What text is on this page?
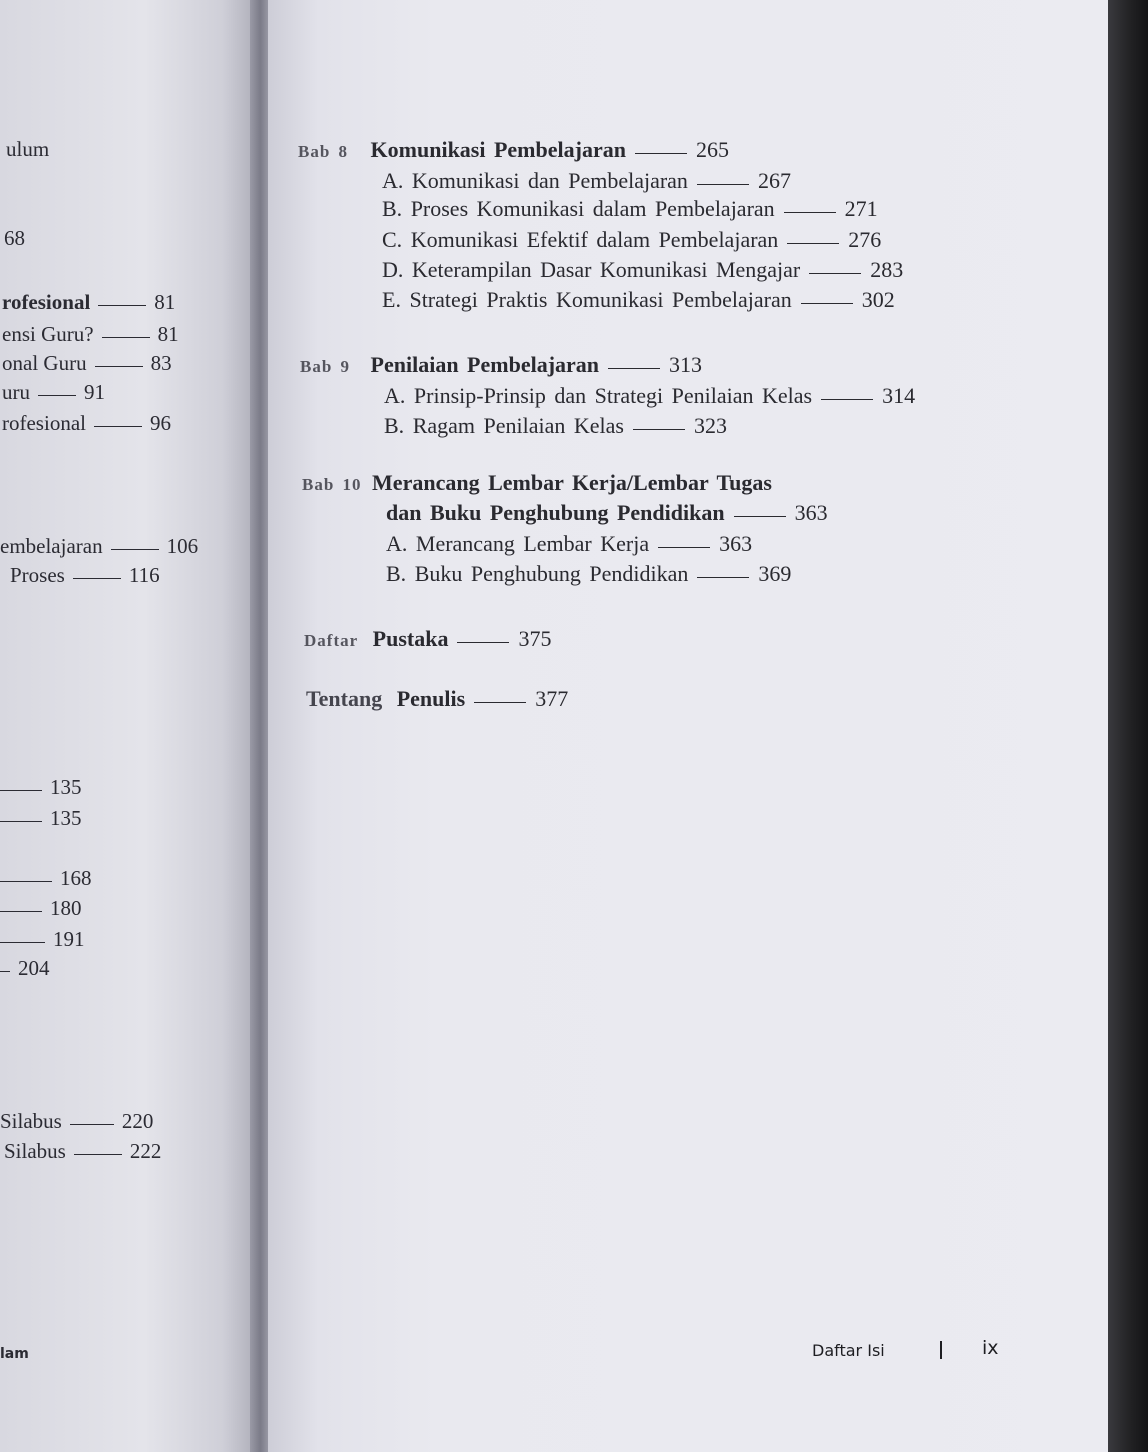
ulum
68
rofesional	81
ensi Guru?	81
onal Guru	83
uru	91
rofesional	96
embelajaran	106
Proses	116
135
135
168
180
191
204
Silabus	220
Silabus	222
lam

Bab 8 Komunikasi Pembelajaran	265
A. Komunikasi dan Pembelajaran	267
B. Proses Komunikasi dalam Pembelajaran	271
C. Komunikasi Efektif dalam Pembelajaran	276
D. Keterampilan Dasar Komunikasi Mengajar	283
E. Strategi Praktis Komunikasi Pembelajaran	302
Bab 9 Penilaian Pembelajaran	313
A. Prinsip-Prinsip dan Strategi Penilaian Kelas	314
B. Ragam Penilaian Kelas	323
Bab 10 Merancang Lembar Kerja/Lembar Tugas
dan Buku Penghubung Pendidikan	363
A. Merancang Lembar Kerja	363
B. Buku Penghubung Pendidikan	369
Daftar Pustaka	375
Tentang Penulis	377
Daftar Isi	ix
